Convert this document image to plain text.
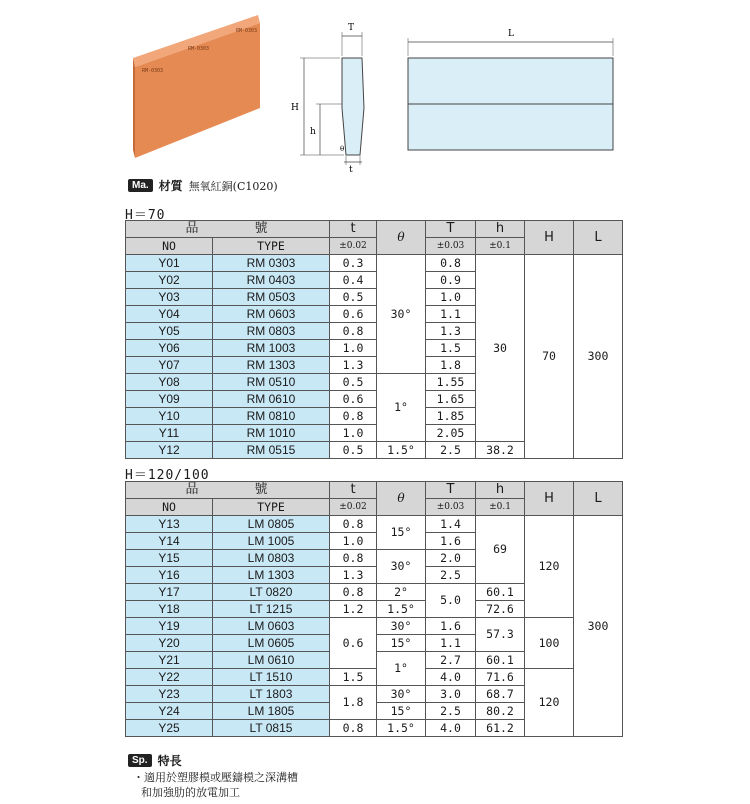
RM-0303
RM-0303
RM-0303	T
H
h
θ
t
L
Ma. 材質 無氧紅銅(C1020)
H＝70
品	號	t	θ	T	h	H	L
NO	TYPE	±0.02		±0.03	±0.1		
Y01	RM 0303	0.3	30°	0.8	30	70	300
Y02	RM 0403	0.4		0.9			
Y03	RM 0503	0.5		1.0			
Y04	RM 0603	0.6		1.1			
Y05	RM 0803	0.8		1.3			
Y06	RM 1003	1.0		1.5			
Y07	RM 1303	1.3		1.8			
Y08	RM 0510	0.5	1°	1.55			
Y09	RM 0610	0.6		1.65			
Y10	RM 0810	0.8		1.85			
Y11	RM 1010	1.0		2.05			
Y12	RM 0515	0.5	1.5°	2.5	38.2		
H＝120/100
品	號	t	θ	T	h	H	L
NO	TYPE	±0.02		±0.03	±0.1		
Y13	LM 0805	0.8	15°	1.4	69	120	300
Y14	LM 1005	1.0		1.6			
Y15	LM 0803	0.8	30°	2.0			
Y16	LM 1303	1.3		2.5			
Y17	LT 0820	0.8	2°	5.0	60.1		
Y18	LT 1215	1.2	1.5°		72.6		
Y19	LM 0603	0.6	30°	1.6	57.3	100	
Y20	LM 0605		15°	1.1			
Y21	LM 0610		1°	2.7	60.1		
Y22	LT 1510	1.5		4.0	71.6	120	
Y23	LT 1803	1.8	30°	3.0	68.7		
Y24	LM 1805		15°	2.5	80.2		
Y25	LT 0815	0.8	1.5°	4.0	61.2		
Sp. 特長
・適用於塑膠模或壓鑄模之深溝槽
和加強肋的放電加工
